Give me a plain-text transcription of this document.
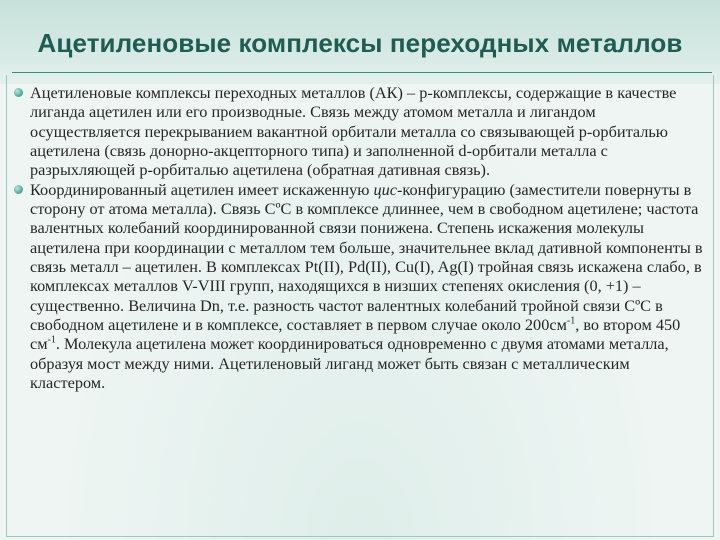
Ацетиленовые комплексы переходных металлов
Ацетиленовые комплексы переходных металлов (АК) – p-комплексы, содержащие в качестве лиганда ацетилен или его производные. Связь между атомом металла и лигандом осуществляется перекрыванием вакантной орбитали металла со связывающей p-орбиталью ацетилена (связь донорно-акцепторного типа) и заполненной d-орбитали металла с разрыхляющей p-орбиталью ацетилена (обратная дативная связь).
Координированный ацетилен имеет искаженную цис-конфигурацию (заместители повернуты в сторону от атома металла). Связь СºС в комплексе длиннее, чем в свободном ацетилене; частота валентных колебаний координированной связи понижена. Степень искажения молекулы ацетилена при координации с металлом тем больше, значительнее вклад дативной компоненты в связь металл – ацетилен. В комплексах Pt(II), Pd(II), Cu(I), Ag(I) тройная связь искажена слабо, в комплексах металлов V-VIII групп, находящихся в низших степенях окисления (0, +1) – существенно. Величина Dn, т.е. разность частот валентных колебаний тройной связи СºС в свободном ацетилене и в комплексе, составляет в первом случае около $200см^{-1}$, во втором 450 $см^{-1}$. Молекула ацетилена может координироваться одновременно с двумя атомами металла, образуя мост между ними. Ацетиленовый лиганд может быть связан с металлическим кластером.
